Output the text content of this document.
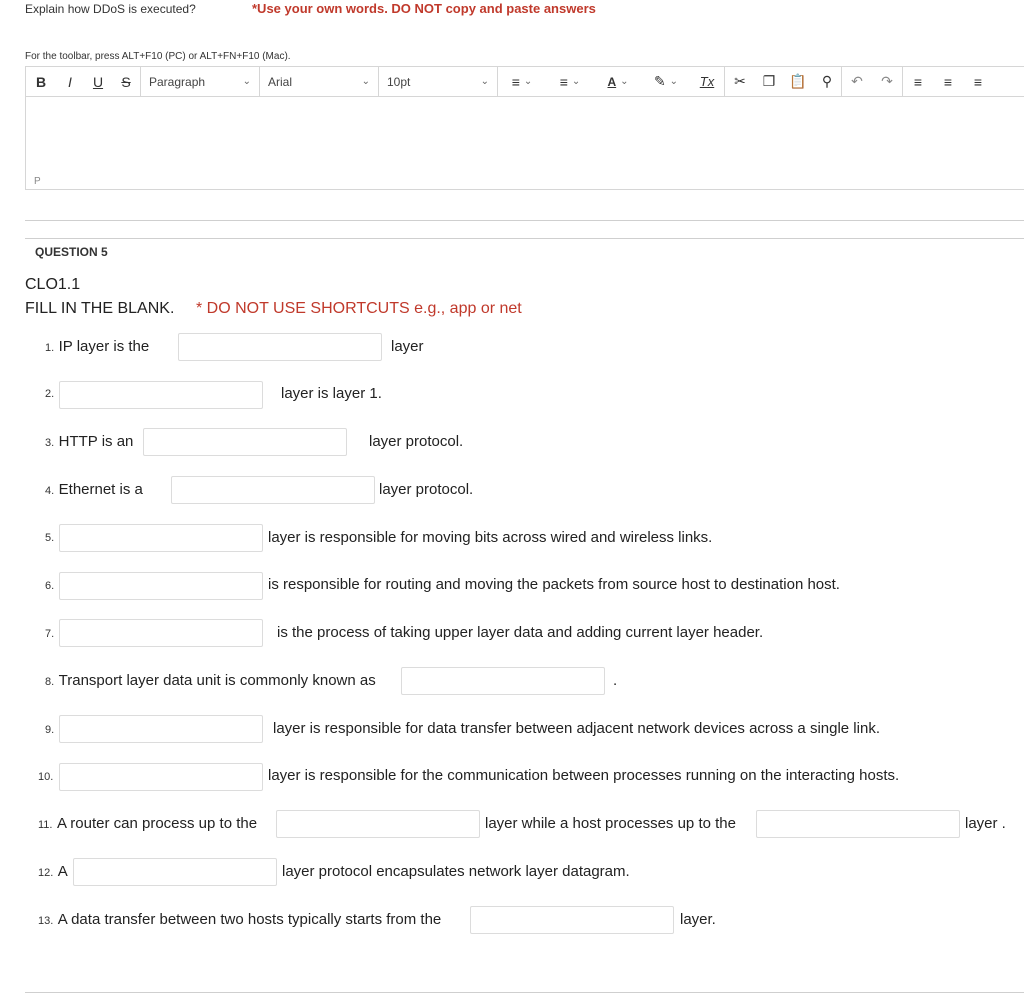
Explain how DDoS is executed?	*Use your own words. DO NOT copy and paste answers
For the toolbar, press ALT+F10 (PC) or ALT+FN+F10 (Mac).
B	I	U	S	Paragraph	⌄ Arial	⌄ 10pt	⌄ ≡ ⌄ ≡ ⌄ A ⌄ ✎ ⌄	Tx	✂ ❐ 📋 ⚲ ↶ ↷ ≡ ≡ ≡
P
QUESTION 5
CLO1.1
FILL IN THE BLANK. * DO NOT USE SHORTCUTS e.g., app or net
1. IP layer is the	layer
2.	layer is layer 1.
3. HTTP is an	layer protocol.
4. Ethernet is a	layer protocol.
5.	layer is responsible for moving bits across wired and wireless links.
6.	is responsible for routing and moving the packets from source host to destination host.
7.	is the process of taking upper layer data and adding current layer header.
8. Transport layer data unit is commonly known as	.
9.	layer is responsible for data transfer between adjacent network devices across a single link.
10.	layer is responsible for the communication between processes running on the interacting hosts.
11. A router can process up to the	layer while a host processes up to the	layer .
12. A	layer protocol encapsulates network layer datagram.
13. A data transfer between two hosts typically starts from the	layer.
